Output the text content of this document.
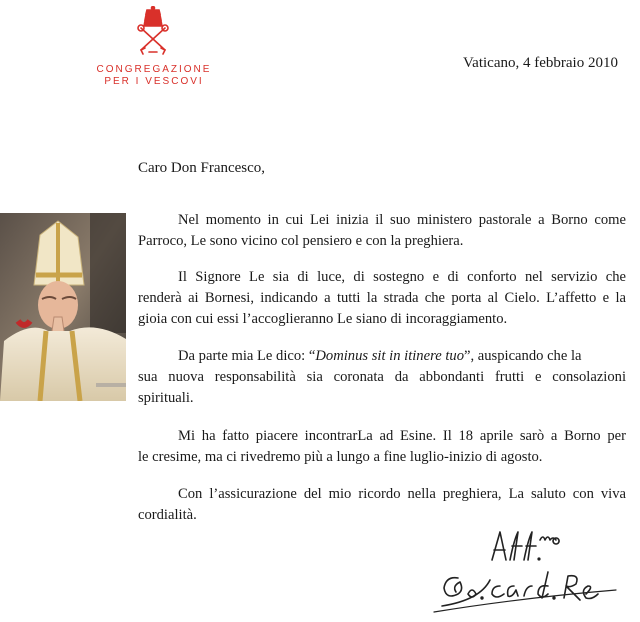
CONGREGAZIONE
PER I VESCOVI
Vaticano, 4 febbraio 2010
Caro Don Francesco,
Nel momento in cui Lei inizia il suo ministero pastorale a Borno come
Parroco, Le sono vicino col pensiero e con la preghiera.
Il Signore Le sia di luce, di sostegno e di conforto nel servizio che
renderà ai Bornesi, indicando a tutti la strada che porta al Cielo. L’affetto e la
gioia con cui essi l’accoglieranno Le siano di incoraggiamento.
Da parte mia Le dico: “Dominus sit in itinere tuo”, auspicando che la
sua nuova responsabilità sia coronata da abbondanti frutti e consolazioni
spirituali.
Mi ha fatto piacere incontrarLa ad Esine. Il 18 aprile sarò a Borno per
le cresime, ma ci rivedremo più a lungo a fine luglio-inizio di agosto.
Con l’assicurazione del mio ricordo nella preghiera, La saluto con viva
cordialità.
